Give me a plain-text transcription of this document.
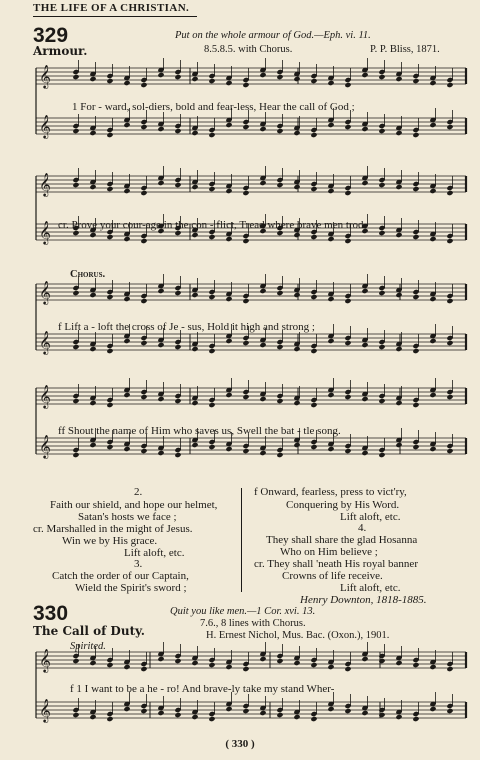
THE LIFE OF A CHRISTIAN.
329	Put on the whole armour of God.—Eph. vi. 11.
Armour.	8.5.8.5. with Chorus.	P. P. Bliss, 1871.
𝄞
𝄞
𝄞
𝄞
𝄞
𝄞
𝄞
𝄞
1 For - ward, sol-diers, bold and fear-less, Hear the call of God ;
cr. Prove your cour-age in the con - flict, Tread where brave men trod.
Chorus.
f Lift a - loft the cross of Je - sus, Hold it high and strong ;
ff Shout the name of Him who saves us, Swell the bat - tle song.
2.
Faith our shield, and hope our helmet,
Satan's hosts we face ;
cr. Marshalled in the might of Jesus.
Win we by His grace.
Lift aloft, etc.
3.
Catch the order of our Captain,
Wield the Spirit's sword ;
f Onward, fearless, press to vict'ry,
Conquering by His Word.
Lift aloft, etc.
4.
They shall share the glad Hosanna
Who on Him believe ;
cr. They shall 'neath His royal banner
Crowns of life receive.
Lift aloft, etc.
Henry Downton, 1818-1885.
330	Quit you like men.—1 Cor. xvi. 13.
The Call of Duty.
7.6., 8 lines with Chorus.
H. Ernest Nichol, Mus. Bac. (Oxon.), 1901.
Spirited.
𝄞
𝄞
f 1 I want to be a he - ro! And brave-ly take my stand Wher-
( 330 )
